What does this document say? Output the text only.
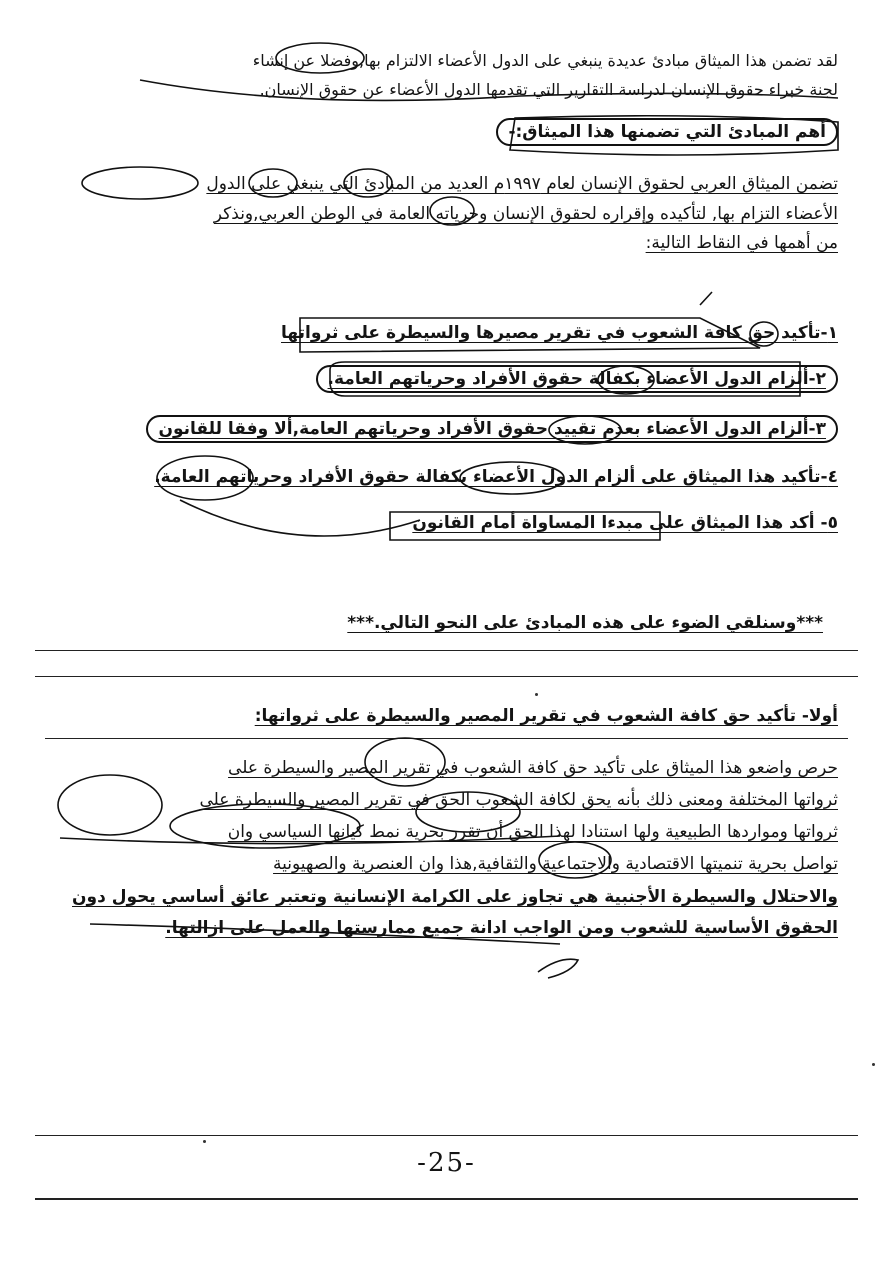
لقد تضمن هذا الميثاق مبادئ عديدة ينبغي على الدول الأعضاء الالتزام بها,وفضلا عن إنشاء
لجنة خبراء حقوق الإنسان لدراسة التقارير التي تقدمها الدول الأعضاء عن حقوق الإنسان.
أهم المبادئ التي تضمنها هذا الميثاق:-
تضمن الميثاق العربي لحقوق الإنسان لعام ١٩٩٧م العديد من المبادئ التي ينبغي على الدول
الأعضاء التزام بها, لتأكيده وإقراره لحقوق الإنسان وحرياته العامة في الوطن العربي,ونذكر
من أهمها في النقاط التالية:
١-تأكيد حق كافة الشعوب في تقرير مصيرها والسيطرة على ثرواتها
٢-ألزام الدول الأعضاء بكفالة حقوق الأفراد وحرياتهم العامة.
٣-ألزام الدول الأعضاء بعدم تقييد حقوق الأفراد وحرياتهم العامة,ألا وفقا للقانون
٤-تأكيد هذا الميثاق على ألزام الدول الأعضاء بكفالة حقوق الأفراد وحرياتهم العامة.
٥- أكد هذا الميثاق على مبدءا المساواة أمام القانون
***وسنلقي الضوء على هذه المبادئ على النحو التالي.***
أولا- تأكيد حق كافة الشعوب في تقرير المصير والسيطرة على ثرواتها:
حرص واضعو هذا الميثاق على تأكيد حق كافة الشعوب في تقرير المصير والسيطرة على
ثرواتها المختلفة ومعنى ذلك بأنه يحق لكافة الشعوب الحق في تقرير المصير والسيطرة على
ثرواتها ومواردها الطبيعية ولها استنادا لهذا الحق أن تقرر بحرية نمط كيانها السياسي وان
تواصل بحرية تنميتها الاقتصادية والاجتماعية والثقافية,هذا وان العنصرية والصهيونية
والاحتلال والسيطرة الأجنبية هي تجاوز على الكرامة الإنسانية وتعتبر عائق أساسي يحول دون
الحقوق الأساسية للشعوب ومن الواجب ادانة جميع ممارستها والعمل على ازالتها.
-25-
